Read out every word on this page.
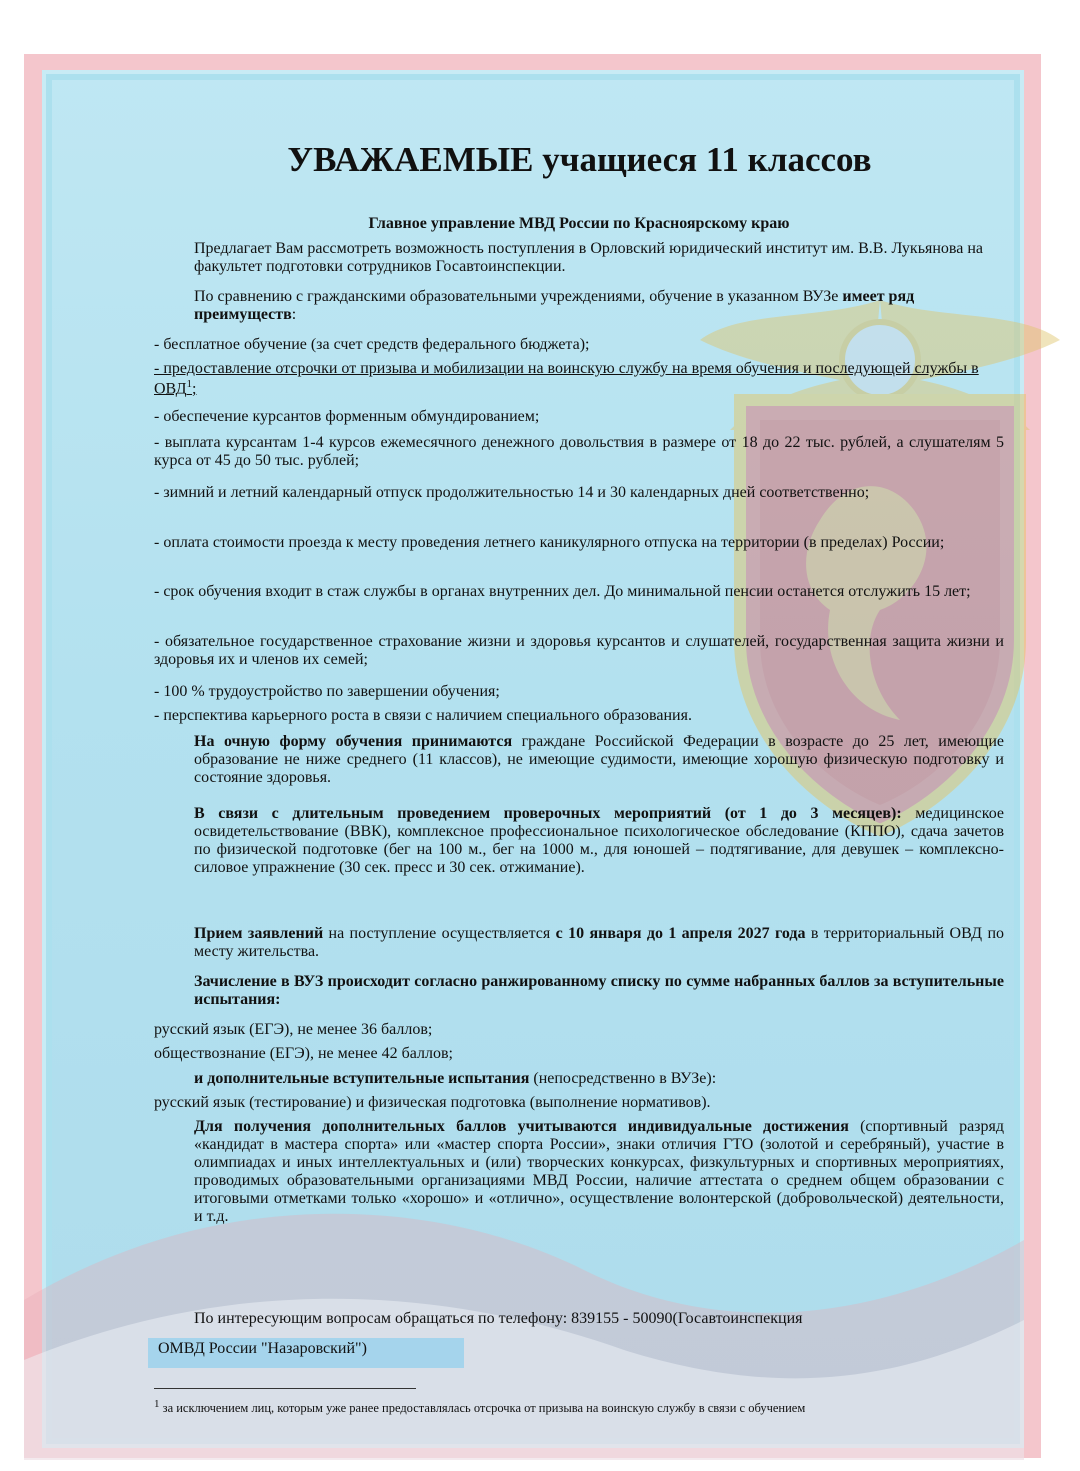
УВАЖАЕМЫЕ учащиеся 11 классов
Главное управление МВД России по Красноярскому краю
Предлагает Вам рассмотреть возможность поступления в Орловский юридический институт им. В.В. Лукьянова на факультет подготовки сотрудников Госавтоинспекции.
По сравнению с гражданскими образовательными учреждениями, обучение в указанном ВУЗе имеет ряд преимуществ:
- бесплатное обучение (за счет средств федерального бюджета);
- предоставление отсрочки от призыва и мобилизации на воинскую службу на время обучения и последующей службы в ОВД$^1$;
- обеспечение курсантов форменным обмундированием;
- выплата курсантам 1-4 курсов ежемесячного денежного довольствия в размере от 18 до 22 тыс. рублей, а слушателям 5 курса от 45 до 50 тыс. рублей;
- зимний и летний календарный отпуск продолжительностью 14 и 30 календарных дней соответственно;
- оплата стоимости проезда к месту проведения летнего каникулярного отпуска на территории (в пределах) России;
- срок обучения входит в стаж службы в органах внутренних дел. До минимальной пенсии останется отслужить 15 лет;
- обязательное государственное страхование жизни и здоровья курсантов и слушателей, государственная защита жизни и здоровья их и членов их семей;
- 100 % трудоустройство по завершении обучения;
- перспектива карьерного роста в связи с наличием специального образования.
На очную форму обучения принимаются граждане Российской Федерации в возрасте до 25 лет, имеющие образование не ниже среднего (11 классов), не имеющие судимости, имеющие хорошую физическую подготовку и состояние здоровья.
В связи с длительным проведением проверочных мероприятий (от 1 до 3 месяцев): медицинское освидетельствование (ВВК), комплексное профессиональное психологическое обследование (КППО), сдача зачетов по физической подготовке (бег на 100 м., бег на 1000 м., для юношей – подтягивание, для девушек – комплексно-силовое упражнение (30 сек. пресс и 30 сек. отжимание).
Прием заявлений на поступление осуществляется с 10 января до 1 апреля 2027 года в территориальный ОВД по месту жительства.
Зачисление в ВУЗ происходит согласно ранжированному списку по сумме набранных баллов за вступительные испытания:
русский язык (ЕГЭ), не менее 36 баллов;
обществознание (ЕГЭ), не менее 42 баллов;
и дополнительные вступительные испытания (непосредственно в ВУЗе):
русский язык (тестирование) и физическая подготовка (выполнение нормативов).
Для получения дополнительных баллов учитываются индивидуальные достижения (спортивный разряд «кандидат в мастера спорта» или «мастер спорта России», знаки отличия ГТО (золотой и серебряный), участие в олимпиадах и иных интеллектуальных и (или) творческих конкурсах, физкультурных и спортивных мероприятиях, проводимых образовательными организациями МВД России, наличие аттестата о среднем общем образовании с итоговыми отметками только «хорошо» и «отлично», осуществление волонтерской (добровольческой) деятельности, и т.д.
По интересующим вопросам обращаться по телефону: 839155 - 50090(Госавтоинспекция
ОМВД России "Назаровский")
$^1$ за исключением лиц, которым уже ранее предоставлялась отсрочка от призыва на воинскую службу в связи с обучением
